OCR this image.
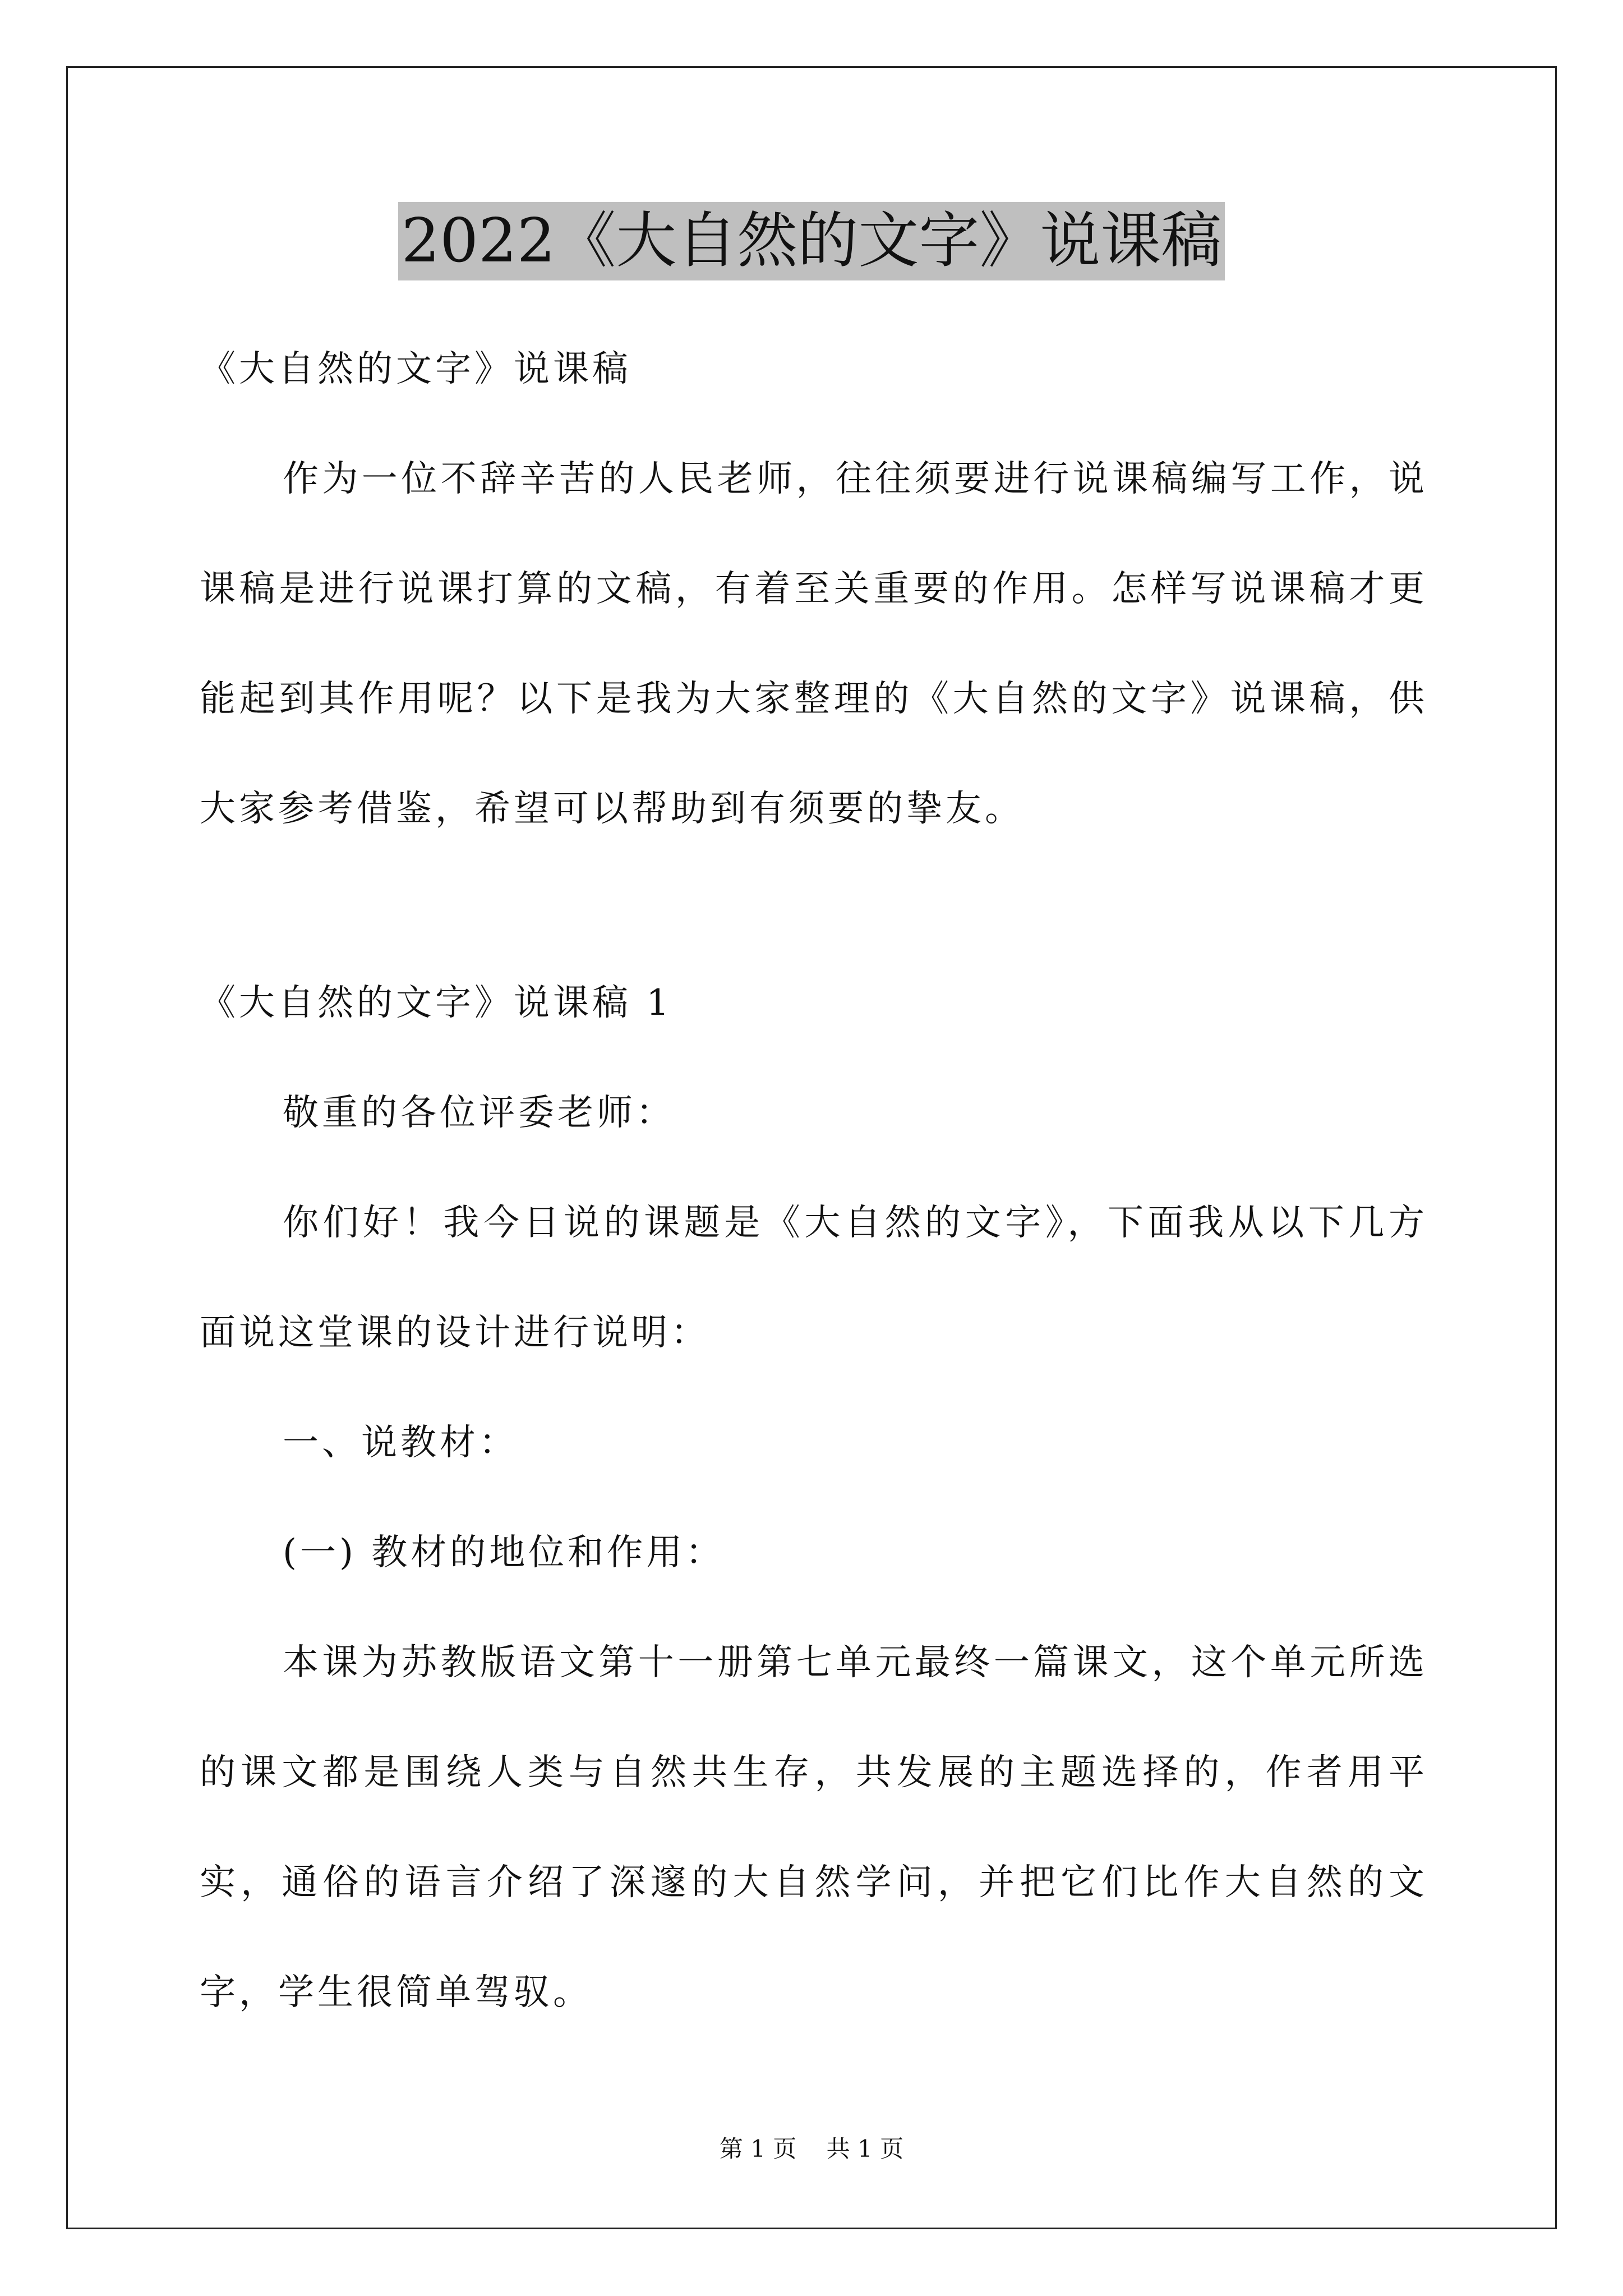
2022《大自然的文字》说课稿

《大自然的文字》说课稿

作为一位不辞辛苦的人民老师，往往须要进行说课稿编写工作，说课稿是进行说课打算的文稿，有着至关重要的作用。怎样写说课稿才更能起到其作用呢？以下是我为大家整理的《大自然的文字》说课稿，供大家参考借鉴，希望可以帮助到有须要的挚友。

《大自然的文字》说课稿 1

敬重的各位评委老师：

你们好！我今日说的课题是《大自然的文字》，下面我从以下几方面说这堂课的设计进行说明：

一、说教材：

(一) 教材的地位和作用：

本课为苏教版语文第十一册第七单元最终一篇课文，这个单元所选的课文都是围绕人类与自然共生存，共发展的主题选择的，作者用平实，通俗的语言介绍了深邃的大自然学问，并把它们比作大自然的文字，学生很简单驾驭。

第 1 页 共 1 页
